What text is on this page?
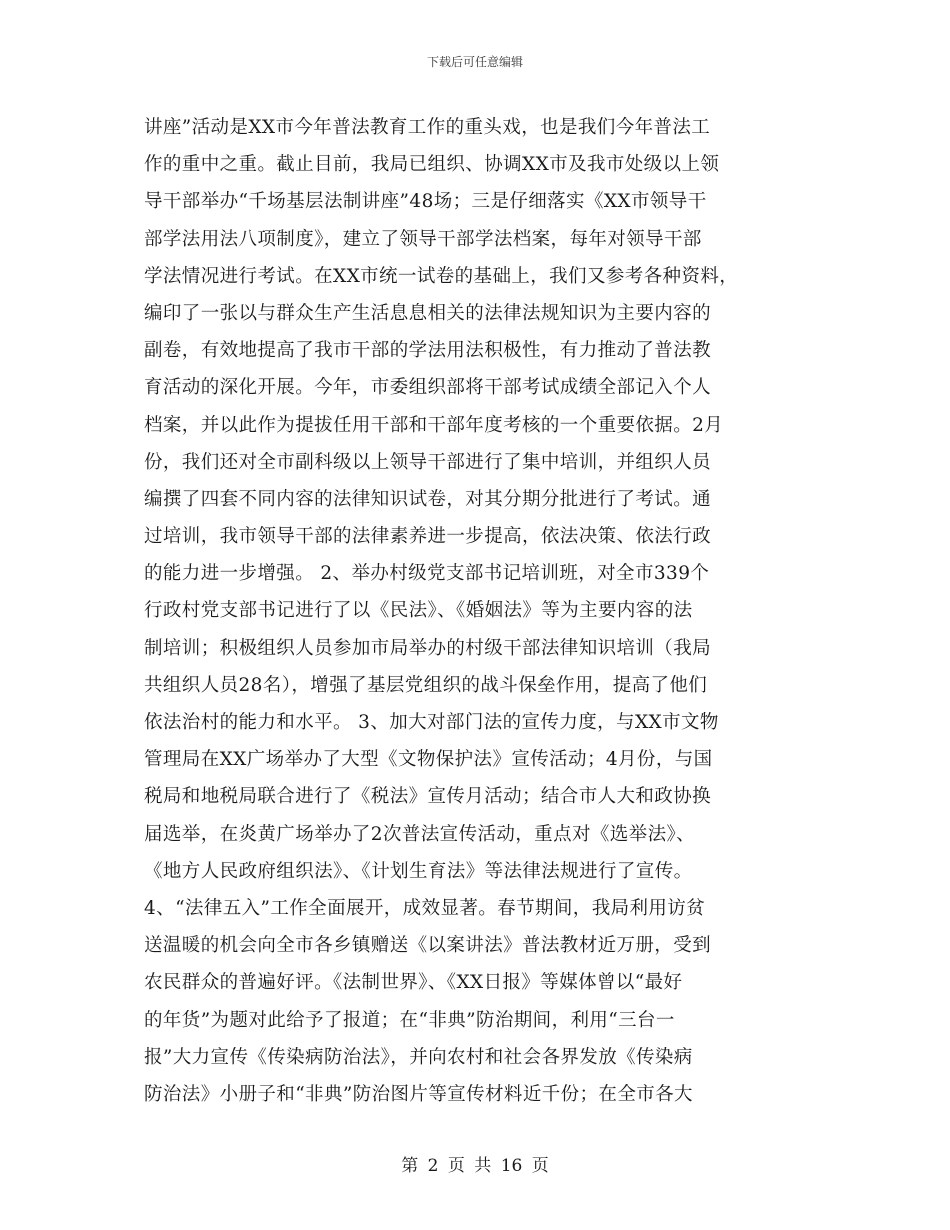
下载后可任意编辑
讲座”活动是XX市今年普法教育工作的重头戏，也是我们今年普法工
作的重中之重。截止目前，我局已组织、协调XX市及我市处级以上领
导干部举办“千场基层法制讲座”48场；三是仔细落实《XX市领导干
部学法用法八项制度》，建立了领导干部学法档案，每年对领导干部
学法情况进行考试。在XX市统一试卷的基础上，我们又参考各种资料，
编印了一张以与群众生产生活息息相关的法律法规知识为主要内容的
副卷，有效地提高了我市干部的学法用法积极性，有力推动了普法教
育活动的深化开展。今年，市委组织部将干部考试成绩全部记入个人
档案，并以此作为提拔任用干部和干部年度考核的一个重要依据。2月
份，我们还对全市副科级以上领导干部进行了集中培训，并组织人员
编撰了四套不同内容的法律知识试卷，对其分期分批进行了考试。通
过培训，我市领导干部的法律素养进一步提高，依法决策、依法行政
的能力进一步增强。 2、举办村级党支部书记培训班，对全市339个
行政村党支部书记进行了以《民法》、《婚姻法》等为主要内容的法
制培训；积极组织人员参加市局举办的村级干部法律知识培训（我局
共组织人员28名），增强了基层党组织的战斗保垒作用，提高了他们
依法治村的能力和水平。 3、加大对部门法的宣传力度，与XX市文物
管理局在XX广场举办了大型《文物保护法》宣传活动；4月份，与国
税局和地税局联合进行了《税法》宣传月活动；结合市人大和政协换
届选举，在炎黄广场举办了2次普法宣传活动，重点对《选举法》、
《地方人民政府组织法》、《计划生育法》等法律法规进行了宣传。
4、“法律五入”工作全面展开，成效显著。春节期间，我局利用访贫
送温暖的机会向全市各乡镇赠送《以案讲法》普法教材近万册，受到
农民群众的普遍好评。《法制世界》、《XX日报》等媒体曾以“最好
的年货”为题对此给予了报道；在“非典”防治期间，利用“三台一
报”大力宣传《传染病防治法》，并向农村和社会各界发放《传染病
防治法》小册子和“非典”防治图片等宣传材料近千份；在全市各大
第 2 页 共 16 页
